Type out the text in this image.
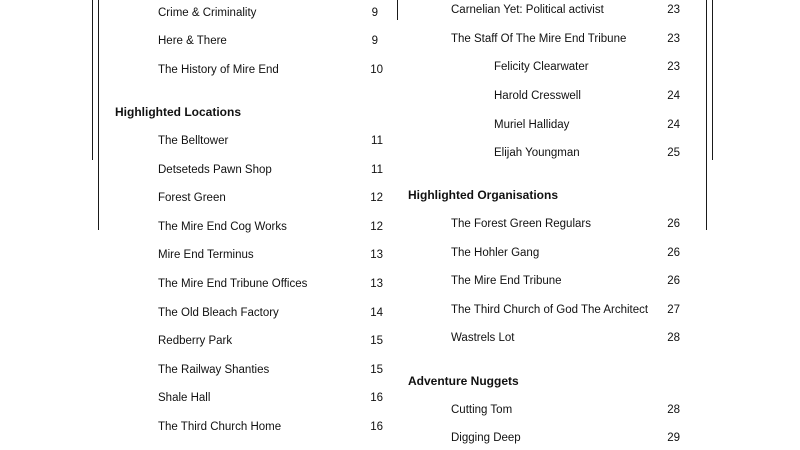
Crime & Criminality	9
Here & There	9
The History of Mire End	10
Highlighted Locations
The Belltower	11
Detseteds Pawn Shop	11
Forest Green	12
The Mire End Cog Works	12
Mire End Terminus	13
The Mire End Tribune Offices	13
The Old Bleach Factory	14
Redberry Park	15
The Railway Shanties	15
Shale Hall	16
The Third Church Home	16
Carnelian Yet: Political activist	23
The Staff Of The Mire End Tribune	23
Felicity Clearwater	23
Harold Cresswell	24
Muriel Halliday	24
Elijah Youngman	25
Highlighted Organisations
The Forest Green Regulars	26
The Hohler Gang	26
The Mire End Tribune	26
The Third Church of God The Architect	27
Wastrels Lot	28
Adventure Nuggets
Cutting Tom	28
Digging Deep	29
